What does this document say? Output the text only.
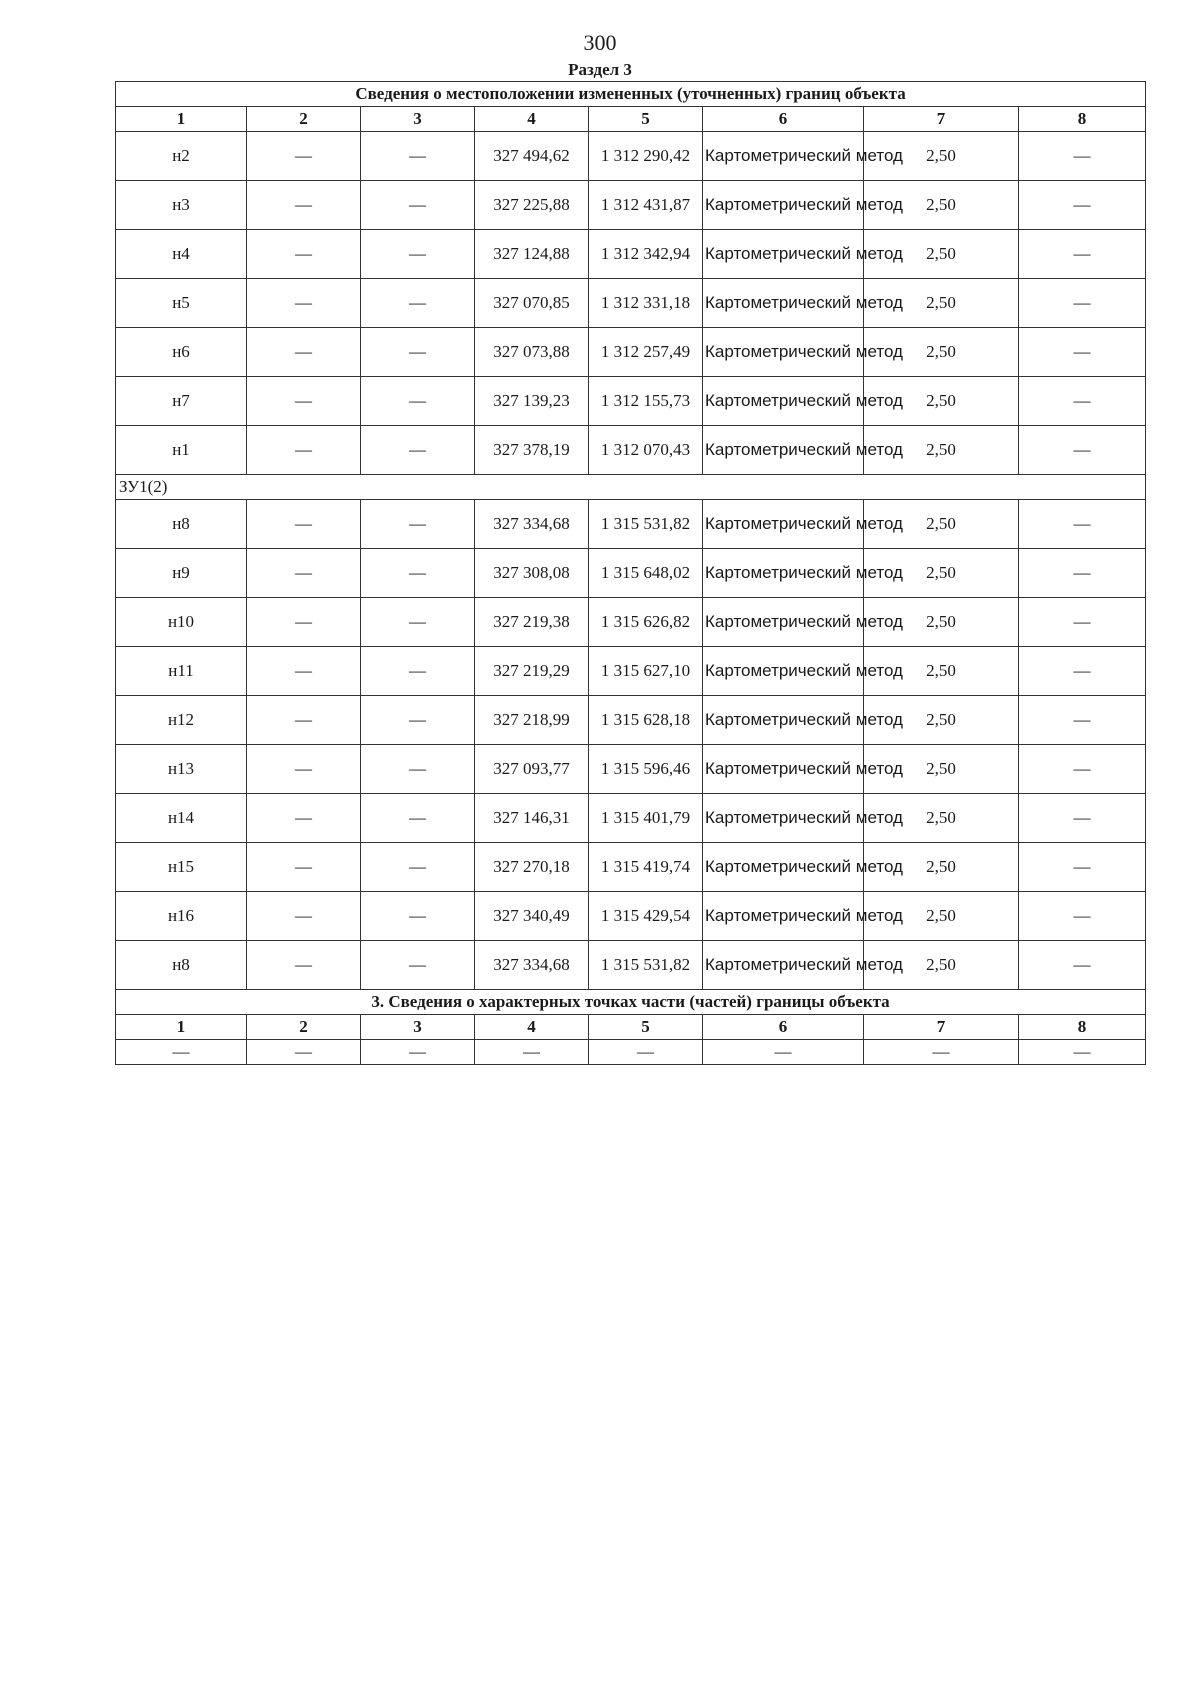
300
Раздел 3
Сведения о местоположении измененных (уточненных) границ объекта							
1	2	3	4	5	6	7	8
н2	—	—	327 494,62	1 312 290,42	Картометрический метод	2,50	—
н3	—	—	327 225,88	1 312 431,87	Картометрический метод	2,50	—
н4	—	—	327 124,88	1 312 342,94	Картометрический метод	2,50	—
н5	—	—	327 070,85	1 312 331,18	Картометрический метод	2,50	—
н6	—	—	327 073,88	1 312 257,49	Картометрический метод	2,50	—
н7	—	—	327 139,23	1 312 155,73	Картометрический метод	2,50	—
н1	—	—	327 378,19	1 312 070,43	Картометрический метод	2,50	—
ЗУ1(2)							
н8	—	—	327 334,68	1 315 531,82	Картометрический метод	2,50	—
н9	—	—	327 308,08	1 315 648,02	Картометрический метод	2,50	—
н10	—	—	327 219,38	1 315 626,82	Картометрический метод	2,50	—
н11	—	—	327 219,29	1 315 627,10	Картометрический метод	2,50	—
н12	—	—	327 218,99	1 315 628,18	Картометрический метод	2,50	—
н13	—	—	327 093,77	1 315 596,46	Картометрический метод	2,50	—
н14	—	—	327 146,31	1 315 401,79	Картометрический метод	2,50	—
н15	—	—	327 270,18	1 315 419,74	Картометрический метод	2,50	—
н16	—	—	327 340,49	1 315 429,54	Картометрический метод	2,50	—
н8	—	—	327 334,68	1 315 531,82	Картометрический метод	2,50	—
3. Сведения о характерных точках части (частей) границы объекта							
1	2	3	4	5	6	7	8
—	—	—	—	—	—	—	—
